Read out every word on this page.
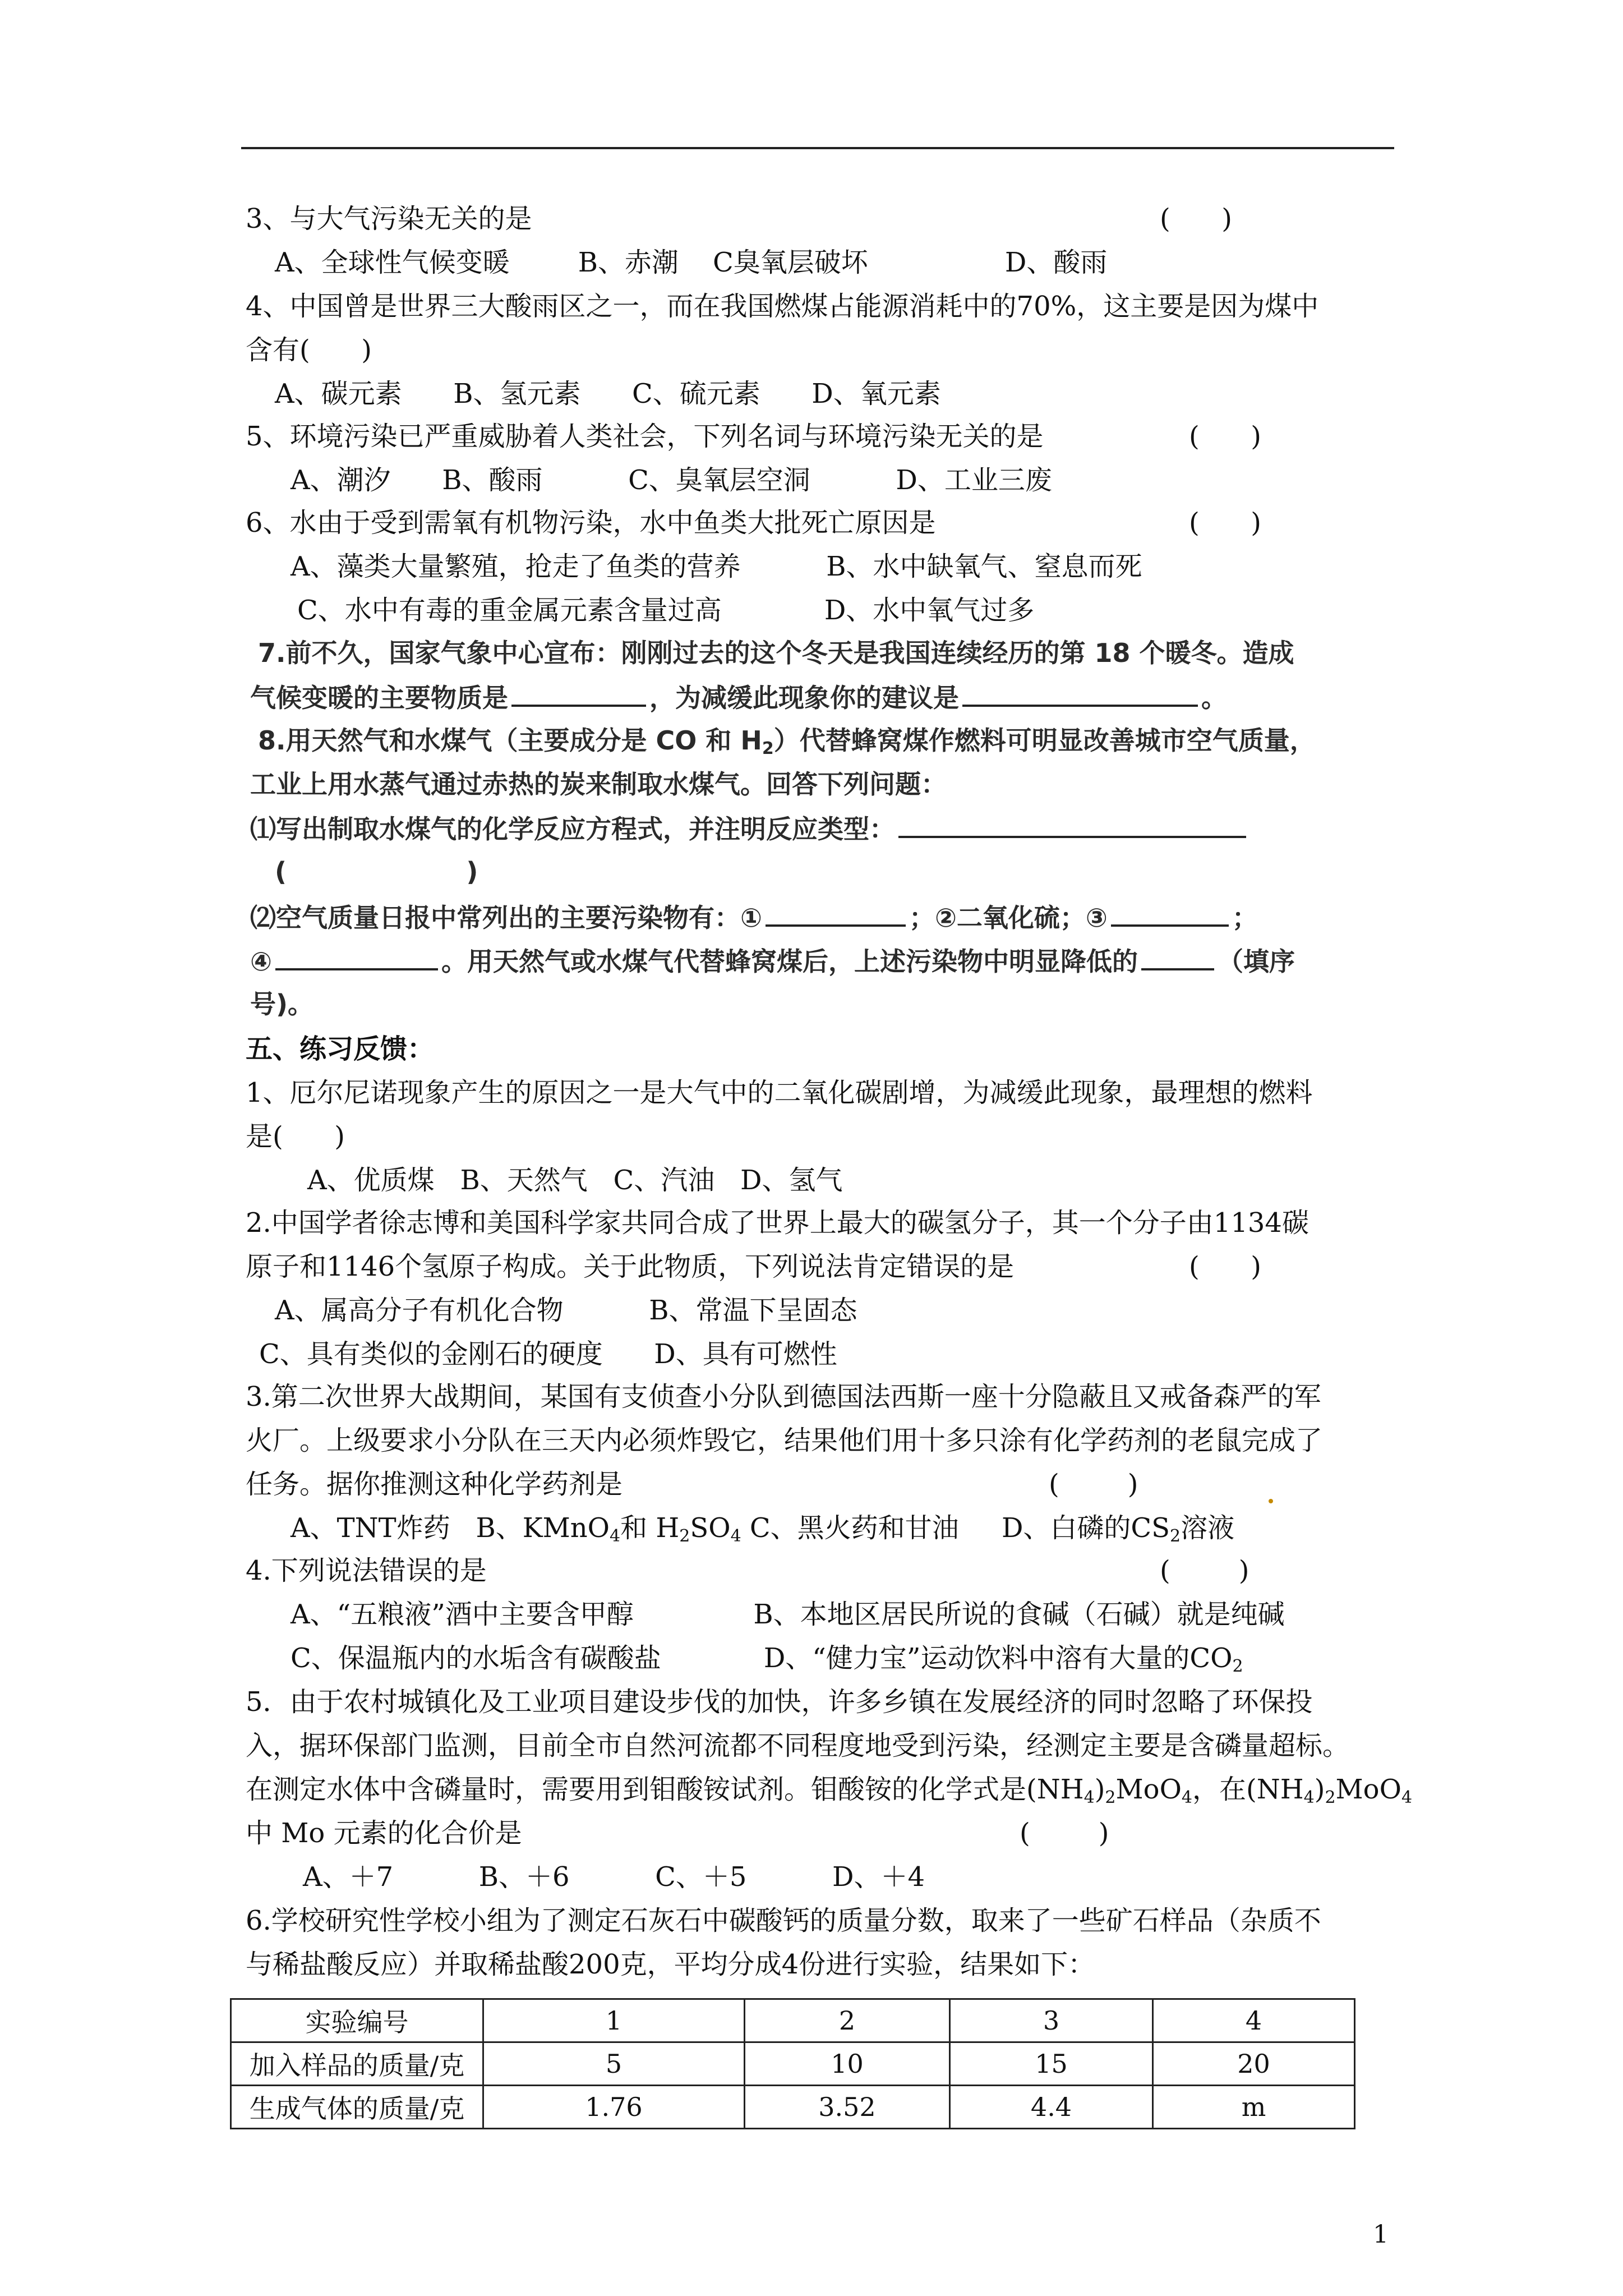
3、与大气污染无关的是	(      )
A、全球性气候变暖        B、赤潮    C臭氧层破坏                D、酸雨
4、中国曾是世界三大酸雨区之一，而在我国燃煤占能源消耗中的70%，这主要是因为煤中
含有(      )
A、碳元素      B、氢元素      C、硫元素      D、氧元素
5、环境污染已严重威胁着人类社会，下列名词与环境污染无关的是	(      )
A、潮汐      B、酸雨          C、臭氧层空洞          D、工业三废
6、水由于受到需氧有机物污染，水中鱼类大批死亡原因是	(      )
A、藻类大量繁殖，抢走了鱼类的营养          B、水中缺氧气、窒息而死
C、水中有毒的重金属元素含量过高            D、水中氧气过多
7.前不久，国家气象中心宣布：刚刚过去的这个冬天是我国连续经历的第 18 个暖冬。造成
气候变暖的主要物质是	，为减缓此现象你的建议是	。
8.用天然气和水煤气（主要成分是 CO 和 $H_2$）代替蜂窝煤作燃料可明显改善城市空气质量，
工业上用水蒸气通过赤热的炭来制取水煤气。回答下列问题：
⑴写出制取水煤气的化学反应方程式，并注明反应类型：
(                    )
⑵空气质量日报中常列出的主要污染物有：①	；②二氧化硫；③	；
④	。用天然气或水煤气代替蜂窝煤后，上述污染物中明显降低的	（填序
号)。
五、练习反馈：
1、厄尔尼诺现象产生的原因之一是大气中的二氧化碳剧增，为减缓此现象，最理想的燃料
是(      )
A、优质煤   B、天然气   C、汽油   D、氢气
2.中国学者徐志博和美国科学家共同合成了世界上最大的碳氢分子，其一个分子由1134碳
原子和1146个氢原子构成。关于此物质，下列说法肯定错误的是	(      )
A、属高分子有机化合物          B、常温下呈固态
C、具有类似的金刚石的硬度      D、具有可燃性
3.第二次世界大战期间，某国有支侦查小分队到德国法西斯一座十分隐蔽且又戒备森严的军
火厂。上级要求小分队在三天内必须炸毁它，结果他们用十多只涂有化学药剂的老鼠完成了
任务。据你推测这种化学药剂是	(        )
A、TNT炸药   B、KMnO$_4$和 $H_2SO_4$ C、黑火药和甘油     D、白磷的$CS_2$溶液
4.下列说法错误的是	(        )
A、“五粮液”酒中主要含甲醇              B、本地区居民所说的食碱（石碱）就是纯碱
C、保温瓶内的水垢含有碳酸盐            D、“健力宝”运动饮料中溶有大量的$CO_2$
5．由于农村城镇化及工业项目建设步伐的加快，许多乡镇在发展经济的同时忽略了环保投
入，据环保部门监测，目前全市自然河流都不同程度地受到污染，经测定主要是含磷量超标。
在测定水体中含磷量时，需要用到钼酸铵试剂。钼酸铵的化学式是$(NH_4)_2MoO_4$，在$(NH_4)_2MoO_4$
中 Mo 元素的化合价是	(        )
A、＋7          B、＋6          C、＋5          D、＋4
6.学校研究性学校小组为了测定石灰石中碳酸钙的质量分数，取来了一些矿石样品（杂质不
与稀盐酸反应）并取稀盐酸200克，平均分成4份进行实验，结果如下：
实验编号	1	2	3	4
加入样品的质量/克	5	10	15	20
生成气体的质量/克	1.76	3.52	4.4	m
1
